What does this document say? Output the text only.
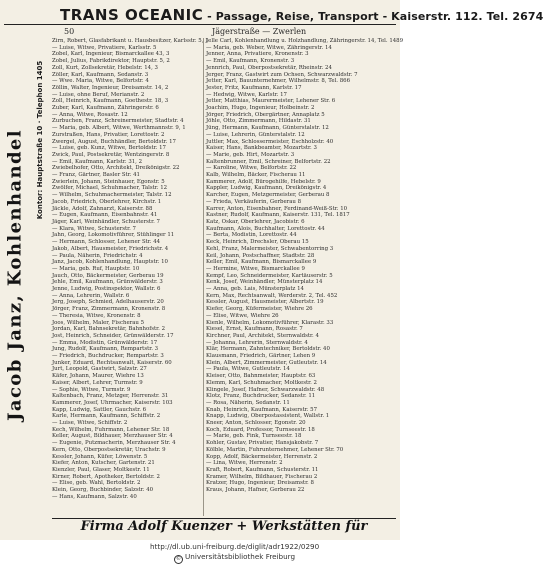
TRANS OCEANIC - Passage, Reise, Transport - Kaiserstr. 112. Tel. 2674
50	Jägerstraße — Zwerlen
Jacob Janz, Kohlenhandel Kontor: Hauptstraße 10 · Telephon 1405
Zirn, Robert, Glasfabrikant u. Hausbesitzer, Karlsstr. 5, 1
— Luise, Witwe, Privatiere, Karlsstr. 5
Zobel, Karl, Ingenieur, Bismarckallee 43, 3
Zobel, Julius, Fabrikdirektor, Hauptstr. 5, 2
Zoll, Kurt, Zollsekretär, Hebelstr. 14, 3
Zöller, Karl, Kaufmann, Sedanstr. 3
— Wwe. Maria, Witwe, Belfortstr. 4
Zöllin, Walter, Ingenieur, Dreisamstr. 14, 2
— Luise, ohne Beruf, Merianstr. 2
Zoll, Heinrich, Kaufmann, Goethestr. 18, 3
Zuber, Karl, Kaufmann, Zähringerstr. 6
— Anna, Witwe, Rosastr. 12
Zurbuchen, Franz, Schreinermeister, Stadtstr. 4
— Maria, geb. Albert, Witwe, Werthmannstr. 9, 1
Zurstraßen, Hans, Privatier, Lorettostr. 2
Zwergel, August, Buchhändler, Bertoldstr. 17
— Luise, geb. Kunz, Witwe, Bertoldstr. 17
Zwick, Paul, Postsekretär, Wentzingerstr. 8
— Emil, Kaufmann, Karlstr. 31, 2
Zwiebelhofer, Otto, Architekt, Dreikönigstr. 22
— Franz, Gärtner, Basler Str. 41
Zwierlein, Johann, Steinhauer, Egonstr. 5
Zwölfer, Michael, Schuhmacher, Talstr. 12
— Wilhelm, Schuhmachermeister, Talstr. 12
Jacob, Friedrich, Oberlehrer, Kirchstr. 1
Jäckle, Adolf, Zahnarzt, Kaiserstr. 88
— Eugen, Kaufmann, Eisenbahnstr. 41
Jäger, Karl, Weinhändler, Schusterstr. 7
— Klara, Witwe, Schusterstr. 7
Jahn, Georg, Lokomotivführer, Stühlinger 11
— Hermann, Schlosser, Lehener Str. 44
Jakob, Albert, Hausmeister, Friedrichstr. 4
— Paula, Näherin, Friedrichstr. 4
Janz, Jacob, Kohlenhandlung, Hauptstr. 10
— Maria, geb. Ruf, Hauptstr. 10
Jauch, Otto, Bäckermeister, Gerberau 19
Jehle, Emil, Kaufmann, Grünwälderstr. 3
Jenne, Ludwig, Postinspektor, Wallstr. 6
— Anna, Lehrerin, Wallstr. 6
Jerg, Joseph, Schmied, Adelhauserstr. 20
Jörger, Franz, Zimmermann, Kronenstr. 8
— Theresia, Witwe, Kronenstr. 8
Joos, Wilhelm, Maler, Fischerau 5
Jordan, Karl, Bahnsekretär, Bahnhofstr. 2
Jost, Heinrich, Schneider, Grünwälderstr. 17
— Emma, Modistin, Grünwälderstr. 17
Jung, Rudolf, Kaufmann, Rempartstr. 3
— Friedrich, Buchdrucker, Rempartstr. 3
Junker, Eduard, Rechtsanwalt, Kaiserstr. 60
Jurt, Leopold, Gastwirt, Salzstr. 27
Käfer, Johann, Maurer, Wiehre 13
Kaiser, Albert, Lehrer, Turmstr. 9
— Sophie, Witwe, Turmstr. 9
Kaltenbach, Franz, Metzger, Herrenstr. 31
Kammerer, Josef, Uhrmacher, Kaiserstr. 103
Kapp, Ludwig, Sattler, Gauchstr. 6
Karle, Hermann, Kaufmann, Schiffstr. 2
— Luise, Witwe, Schiffstr. 2
Kech, Wilhelm, Fuhrmann, Lehener Str. 18
Keller, August, Bildhauer, Merzhauser Str. 4
— Eugenie, Putzmacherin, Merzhauser Str. 4
Kern, Otto, Oberpostsekretär, Urachstr. 9
Kessler, Johann, Küfer, Löwenstr. 5
Kiefer, Anton, Kutscher, Gartenstr. 21
Kienzler, Paul, Glaser, Moltkestr. 11
Kirner, Robert, Apotheker, Bertoldstr. 2
— Elise, geb. Wahl, Bertoldstr. 2
Klein, Georg, Buchbinder, Salzstr. 40
— Hans, Kaufmann, Salzstr. 40
Jelle Carl, Kohlenhandlung u. Holzhandlung, Zähringerstr. 14, Tel. 1489
— Maria, geb. Weber, Witwe, Zähringerstr. 14
Jenner, Anna, Privatiere, Kronenstr. 3
— Emil, Kaufmann, Kronenstr. 3
Jennrich, Paul, Oberpostsekretär, Rheinstr. 24
Jerger, Franz, Gastwirt zum Ochsen, Schwarzwaldstr. 7
Jetter, Karl, Bauunternehmer, Wilhelmstr. 8, Tel. 866
Jester, Fritz, Kaufmann, Karlstr. 17
— Hedwig, Witwe, Karlstr. 17
Jetter, Matthias, Maurermeister, Lehener Str. 6
Joachim, Hugo, Ingenieur, Holbeinstr. 2
Jörger, Friedrich, Obergärtner, Annaplatz 5
Jöhle, Otto, Zimmermann, Hildastr. 31
Jüng, Hermann, Kaufmann, Günterstalstr. 12
— Luise, Lehrerin, Günterstalstr. 12
Juttler, Max, Schlossermeister, Eschholzstr. 40
Kaiser, Hans, Bankbeamter, Mozartstr. 3
— Marie, geb. Hirt, Mozartstr. 3
Kaltenbrunner, Emil, Schreiner, Belfortstr. 22
— Karoline, Witwe, Belfortstr. 22
Kalb, Wilhelm, Bäcker, Fischerau 11
Kammerer, Adolf, Bürogehilfe, Hebelstr. 9
Kappler, Ludwig, Kaufmann, Dreikönigstr. 4
Karcher, Eugen, Metzgermeister, Gerberau 8
— Frieda, Verkäuferin, Gerberau 8
Karrer, Anton, Eisenbahner, Ferdinand-Weiß-Str. 10
Kastner, Rudolf, Kaufmann, Kaiserstr. 131, Tel. 1817
Katz, Oskar, Oberlehrer, Jacobistr. 6
Kaufmann, Alois, Buchhalter, Lorettostr. 44
— Berta, Modistin, Lorettostr. 44
Keck, Heinrich, Drechsler, Oberau 15
Kehl, Franz, Malermeister, Schwabentorring 3
Keil, Johann, Postschaffner, Stadtstr. 28
Keller, Emil, Kaufmann, Bismarckallee 9
— Hermine, Witwe, Bismarckallee 9
Kempf, Leo, Schneidermeister, Kartäuserstr. 5
Kenk, Josef, Weinhändler, Münsterplatz 14
— Anna, geb. Lais, Münsterplatz 14
Kern, Max, Rechtsanwalt, Werderstr. 2, Tel. 452
Kessler, August, Hausmeister, Albertstr. 19
Kiefer, Georg, Küfermeister, Wiehre 26
— Elise, Witwe, Wiehre 26
Kienle, Wilhelm, Lokomotivführer, Klarastr. 33
Kiesel, Ernst, Kaufmann, Rosastr. 7
Kirchner, Paul, Architekt, Sternwaldstr. 4
— Johanna, Lehrerin, Sternwaldstr. 4
Klär, Hermann, Zahntechniker, Bertoldstr. 40
Klausmann, Friedrich, Gärtner, Lehen 9
Klein, Albert, Zimmermeister, Gutleutstr. 14
— Paula, Witwe, Gutleutstr. 14
Kleiser, Otto, Bahnmeister, Hauptstr. 63
Klemm, Karl, Schuhmacher, Moltkestr. 2
Klingele, Josef, Hafner, Schwarzwaldstr. 48
Klotz, Franz, Buchdrucker, Sedanstr. 11
— Rosa, Näherin, Sedanstr. 11
Knab, Heinrich, Kaufmann, Kaiserstr. 57
Knapp, Ludwig, Oberpostassistent, Wallstr. 1
Kneer, Anton, Schlosser, Egonstr. 20
Koch, Eduard, Professor, Turnseestr. 18
— Marie, geb. Fink, Turnseestr. 18
Kohler, Gustav, Privatier, Hansjakobstr. 7
Kölble, Martin, Fuhrunternehmer, Lehener Str. 70
Kopp, Adolf, Bäckermeister, Herrenstr. 2
— Lina, Witwe, Herrenstr. 2
Kraft, Robert, Kaufmann, Schusterstr. 11
Kramer, Wilhelm, Bildhauer, Fischerau 2
Kratzer, Hugo, Ingenieur, Dreisamstr. 8
Kraus, Johann, Hafner, Gerberau 22
Firma Adolf Kuenzer + Werkstätten für
http://dl.ub.uni-freiburg.de/diglit/adr1922/0290
© Universitätsbibliothek Freiburg
